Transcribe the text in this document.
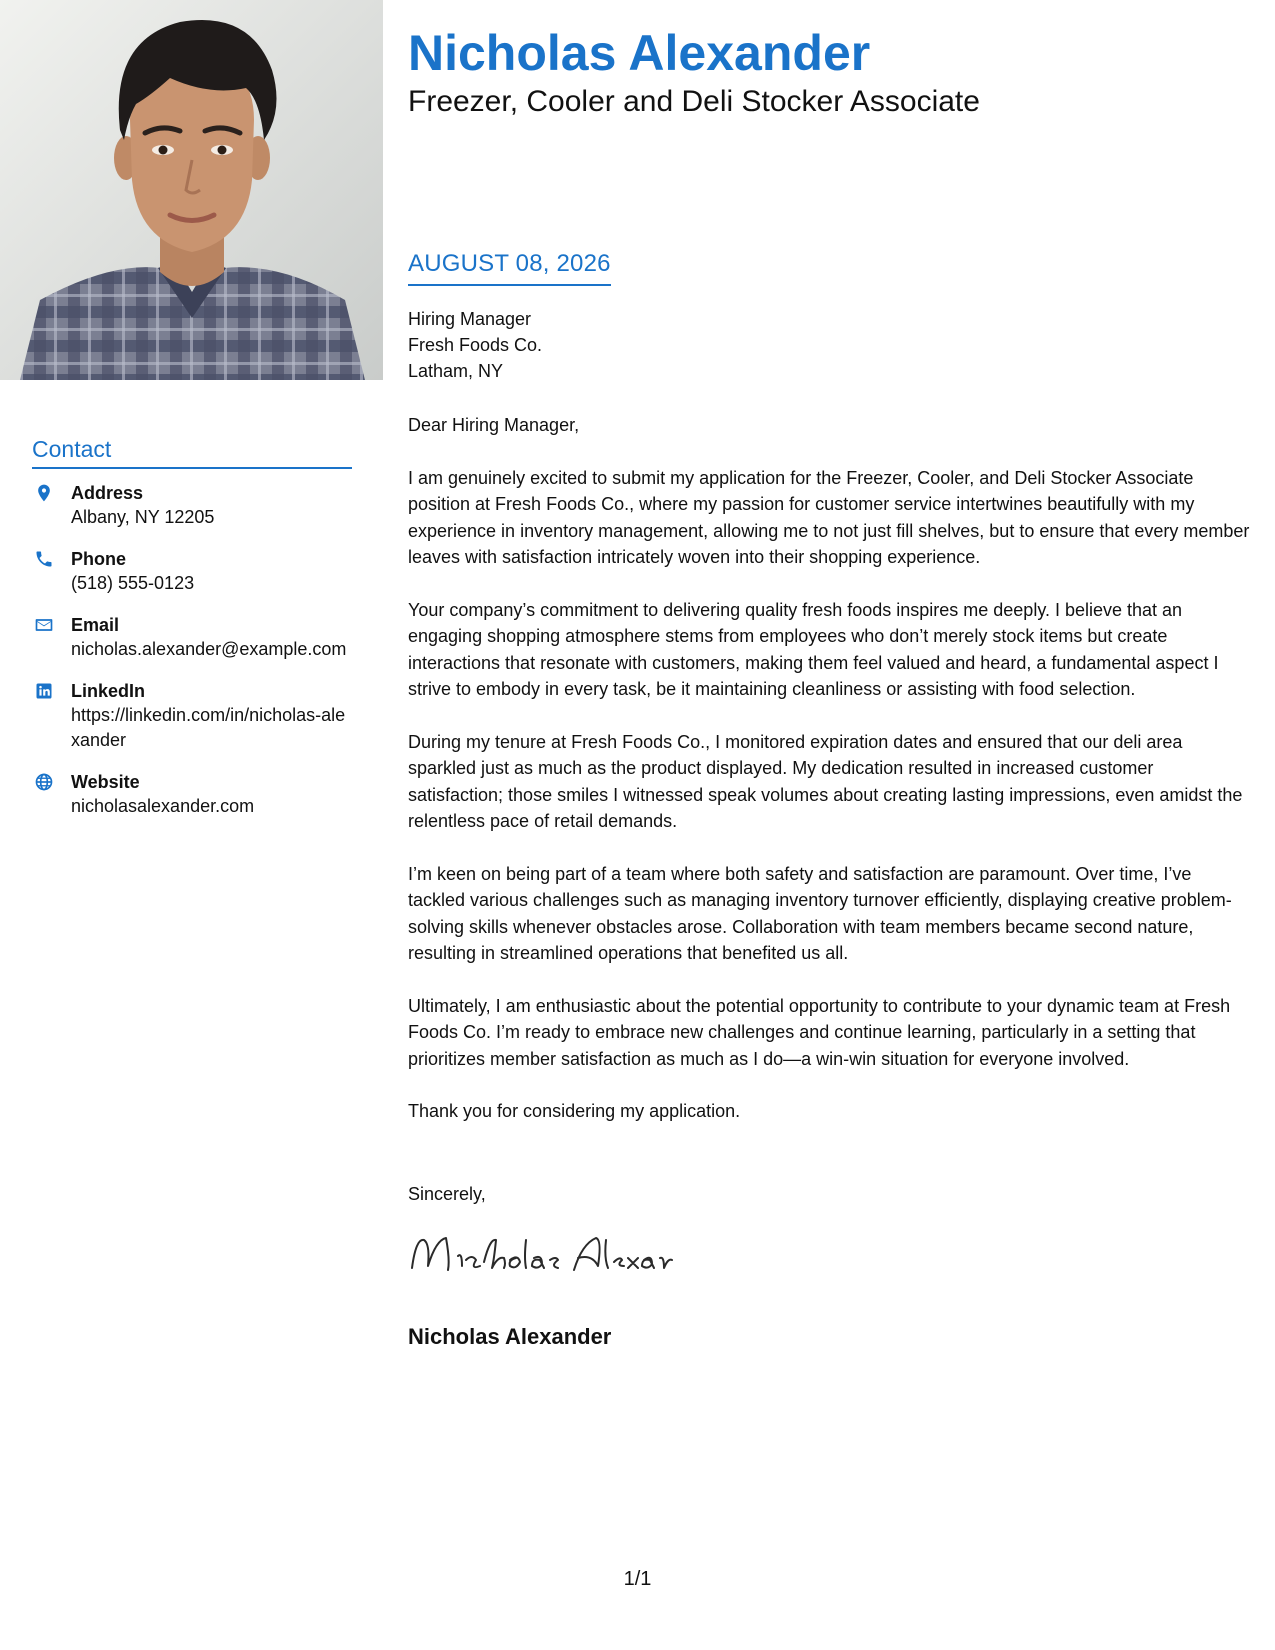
Nicholas Alexander
Freezer, Cooler and Deli Stocker Associate
Contact
Address
Albany, NY 12205
Phone
(518) 555-0123
Email
nicholas.alexander@example.com
LinkedIn
https://linkedin.com/in/nicholas-alexander
Website
nicholasalexander.com
AUGUST 08, 2026
Hiring Manager
Fresh Foods Co.
Latham, NY

Dear Hiring Manager,

I am genuinely excited to submit my application for the Freezer, Cooler, and Deli Stocker Associate position at Fresh Foods Co., where my passion for customer service intertwines beautifully with my experience in inventory management, allowing me to not just fill shelves, but to ensure that every member leaves with satisfaction intricately woven into their shopping experience.

Your company’s commitment to delivering quality fresh foods inspires me deeply. I believe that an engaging shopping atmosphere stems from employees who don’t merely stock items but create interactions that resonate with customers, making them feel valued and heard, a fundamental aspect I strive to embody in every task, be it maintaining cleanliness or assisting with food selection.

During my tenure at Fresh Foods Co., I monitored expiration dates and ensured that our deli area sparkled just as much as the product displayed. My dedication resulted in increased customer satisfaction; those smiles I witnessed speak volumes about creating lasting impressions, even amidst the relentless pace of retail demands.

I’m keen on being part of a team where both safety and satisfaction are paramount. Over time, I’ve tackled various challenges such as managing inventory turnover efficiently, displaying creative problem-solving skills whenever obstacles arose. Collaboration with team members became second nature, resulting in streamlined operations that benefited us all.

Ultimately, I am enthusiastic about the potential opportunity to contribute to your dynamic team at Fresh Foods Co. I’m ready to embrace new challenges and continue learning, particularly in a setting that prioritizes member satisfaction as much as I do—a win-win situation for everyone involved.

Thank you for considering my application.

Sincerely,
Nicholas Alexander
1/1
